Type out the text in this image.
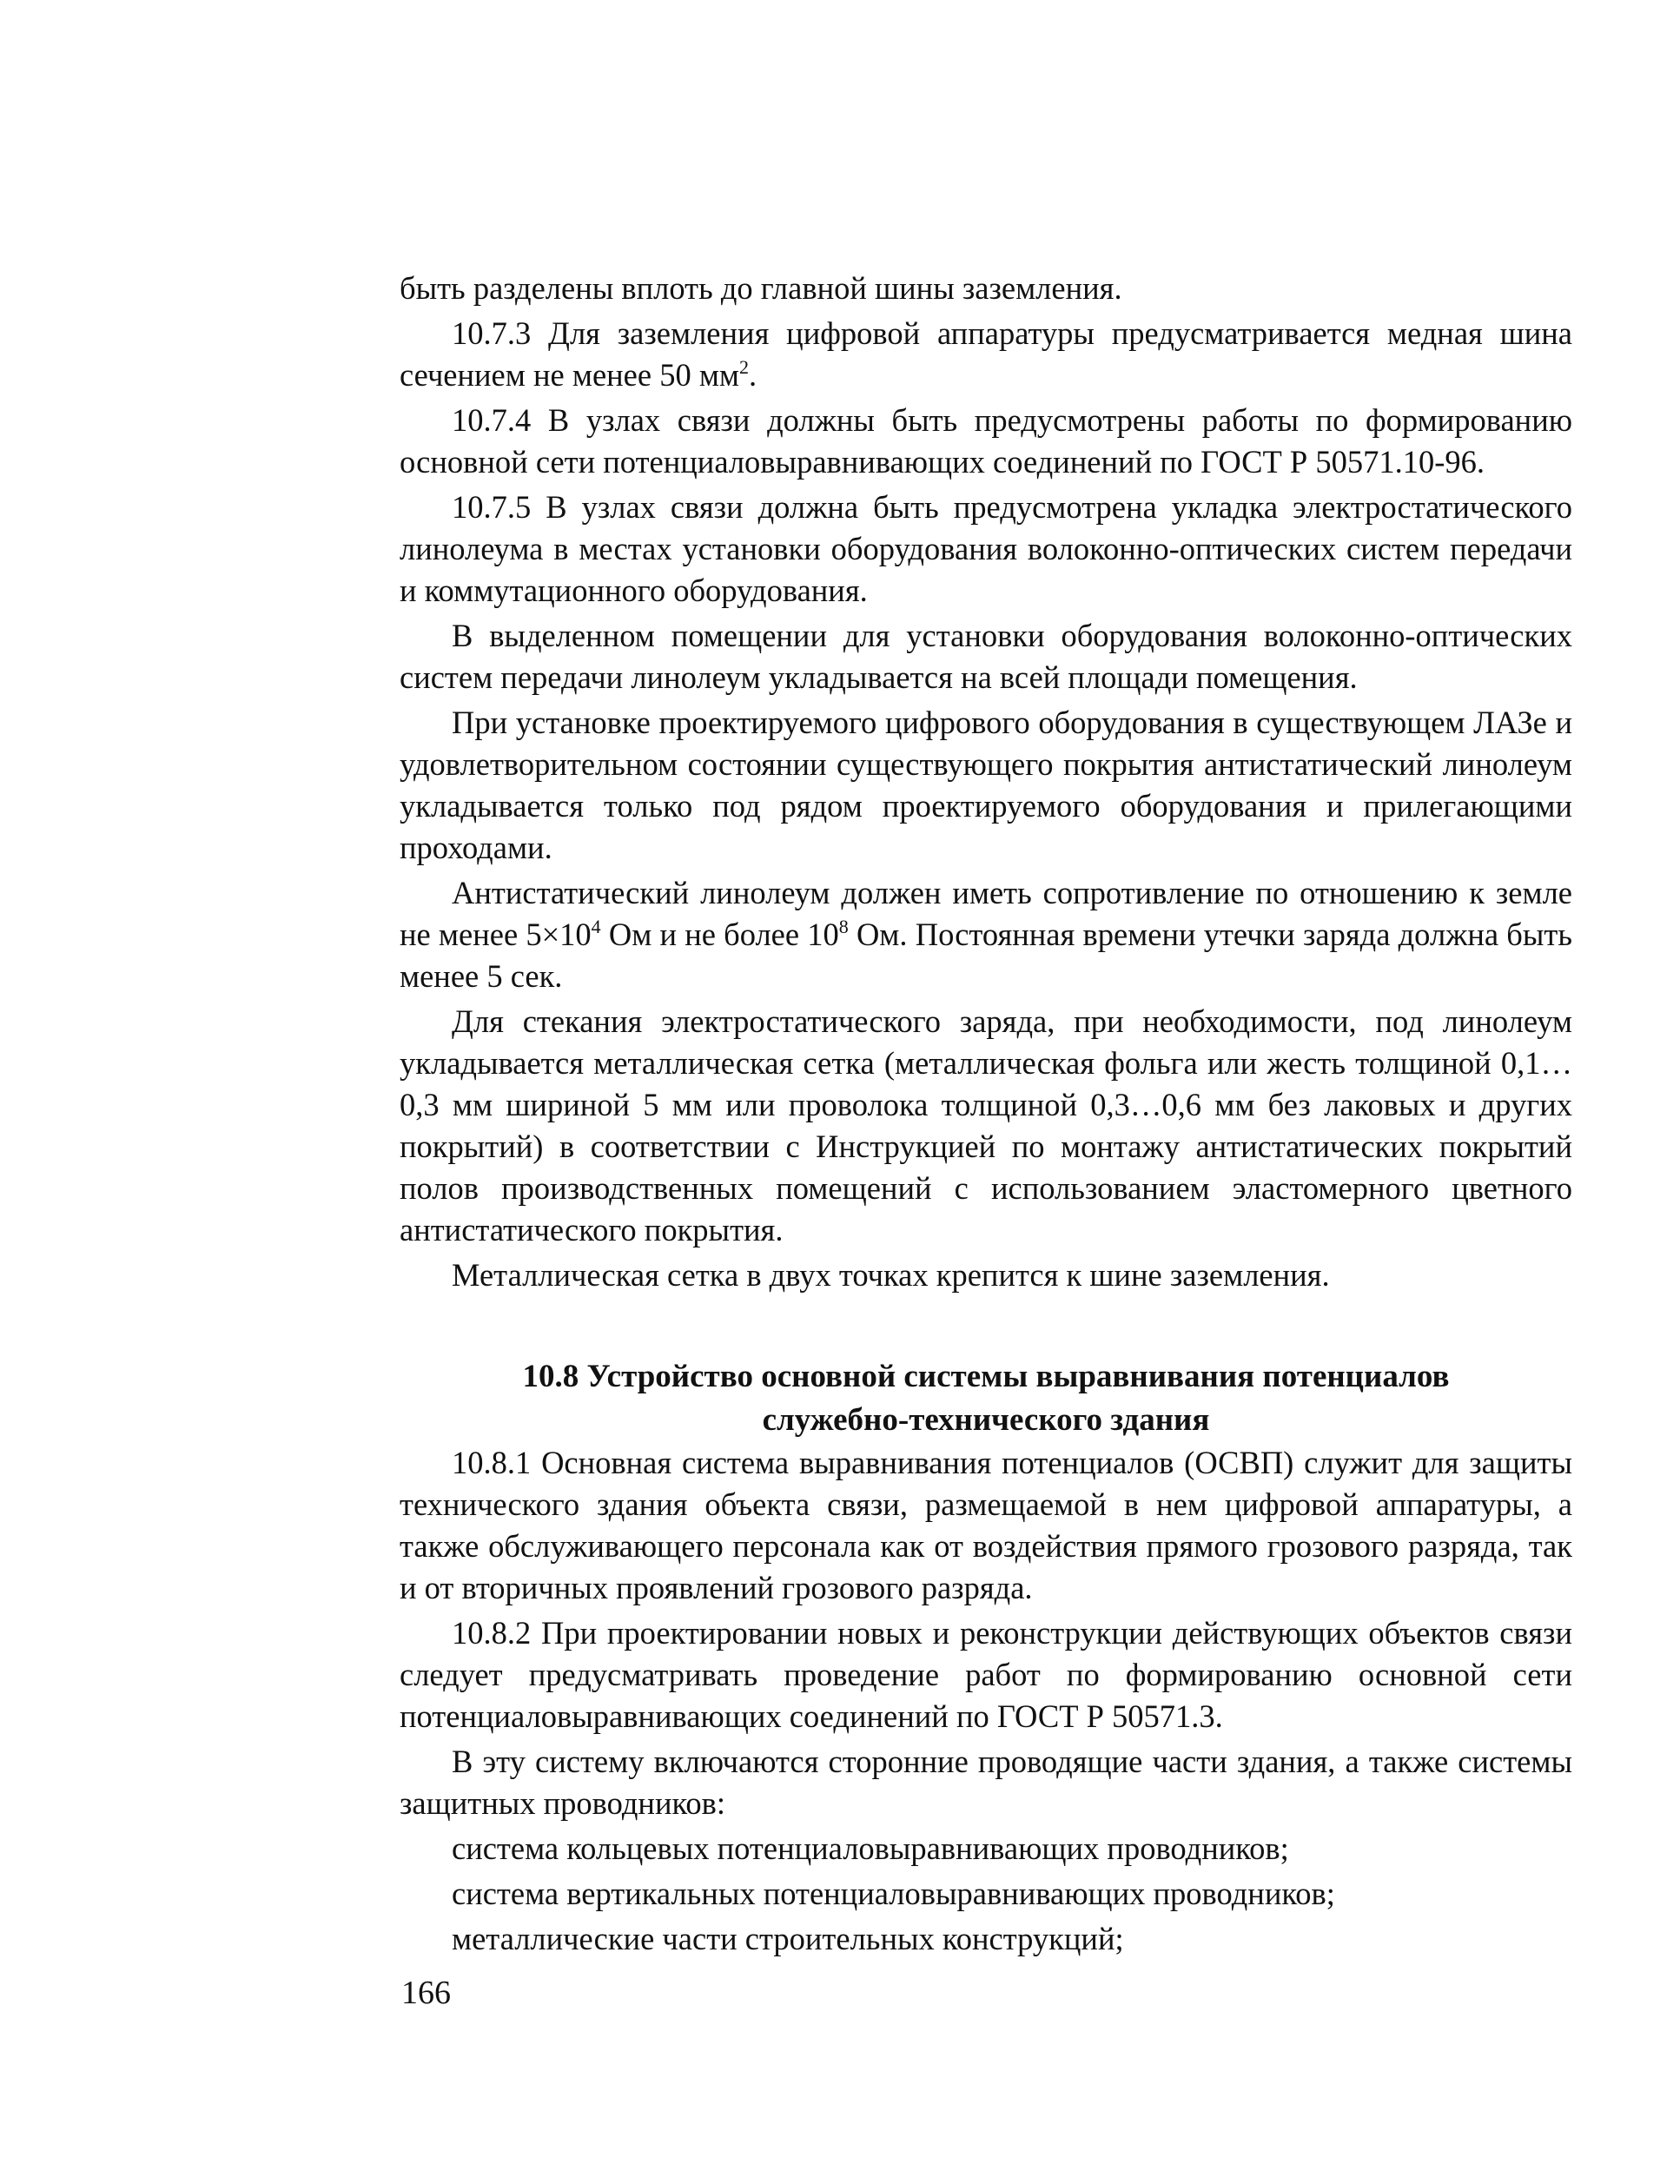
быть разделены вплоть до главной шины заземления.

10.7.3 Для заземления цифровой аппаратуры предусматривается медная шина сечением не менее 50 $мм^2$.

10.7.4 В узлах связи должны быть предусмотрены работы по формированию основной сети потенциаловыравнивающих соединений по ГОСТ Р 50571.10-96.

10.7.5 В узлах связи должна быть предусмотрена укладка электростатического линолеума в местах установки оборудования волоконно-оптических систем передачи и коммутационного оборудования.

В выделенном помещении для установки оборудования волоконно-оптических систем передачи линолеум укладывается на всей площади помещения.

При установке проектируемого цифрового оборудования в существующем ЛАЗе и удовлетворительном состоянии существующего покрытия антистатический линолеум укладывается только под рядом проектируемого оборудования и прилегающими проходами.

Антистатический линолеум должен иметь сопротивление по отношению к земле не менее $5\times 10^4$ Ом и не более $10^8$ Ом. Постоянная времени утечки заряда должна быть менее 5 сек.

Для стекания электростатического заряда, при необходимости, под линолеум укладывается металлическая сетка (металлическая фольга или жесть толщиной 0,1…0,3 мм шириной 5 мм или проволока толщиной 0,3…0,6 мм без лаковых и других покрытий) в соответствии с Инструкцией по монтажу антистатических покрытий полов производственных помещений с использованием эластомерного цветного антистатического покрытия.

Металлическая сетка в двух точках крепится к шине заземления.

10.8 Устройство основной системы выравнивания потенциалов
служебно-технического здания

10.8.1 Основная система выравнивания потенциалов (ОСВП) служит для защиты технического здания объекта связи, размещаемой в нем цифровой аппаратуры, а также обслуживающего персонала как от воздействия прямого грозового разряда, так и от вторичных проявлений грозового разряда.

10.8.2 При проектировании новых и реконструкции действующих объектов связи следует предусматривать проведение работ по формированию основной сети потенциаловыравнивающих соединений по ГОСТ Р 50571.3.

В эту систему включаются сторонние проводящие части здания, а также системы защитных проводников:

система кольцевых потенциаловыравнивающих проводников;

система вертикальных потенциаловыравнивающих проводников;

металлические части строительных конструкций;

166
